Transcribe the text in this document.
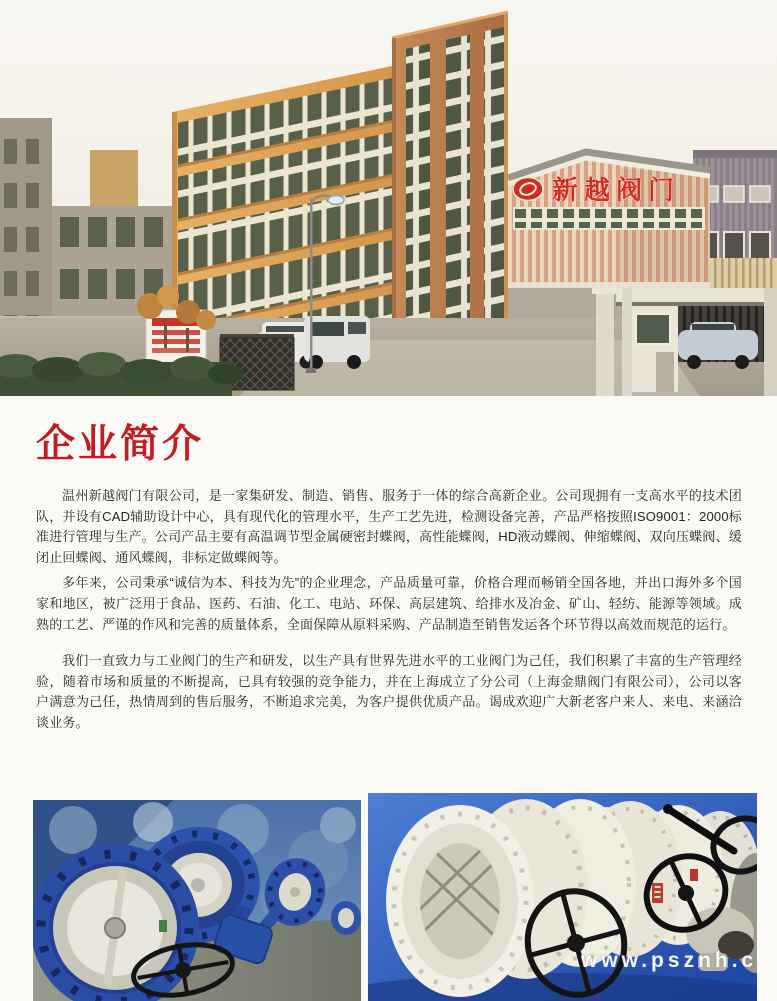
新越阀门
企业简介

温州新越阀门有限公司，是一家集研发、制造、销售、服务于一体的综合高新企业。公司现拥有一支高水平的技术团队，并设有CAD辅助设计中心，具有现代化的管理水平，生产工艺先进，检测设备完善，产品严格按照ISO9001：2000标准进行管理与生产。公司产品主要有高温调节型金属硬密封蝶阀，高性能蝶阀，HD液动蝶阀、伸缩蝶阀、双向压蝶阀、缓闭止回蝶阀、通风蝶阀，非标定做蝶阀等。

多年来，公司秉承“诚信为本、科技为先”的企业理念，产品质量可靠，价格合理而畅销全国各地，并出口海外多个国家和地区，被广泛用于食品、医药、石油、化工、电站、环保、高层建筑、给排水及冶金、矿山、轻纺、能源等领域。成熟的工艺、严谨的作风和完善的质量体系，全面保障从原料采购、产品制造至销售发运各个环节得以高效而规范的运行。

我们一直致力与工业阀门的生产和研发，以生产具有世界先进水平的工业阀门为己任，我们积累了丰富的生产管理经验，随着市场和质量的不断提高，已具有较强的竞争能力，并在上海成立了分公司（上海金鼎阀门有限公司），公司以客户满意为己任，热情周到的售后服务，不断追求完美，为客户提供优质产品。谒成欢迎广大新老客户来人、来电、来涵洽谈业务。

www.psznh.c
